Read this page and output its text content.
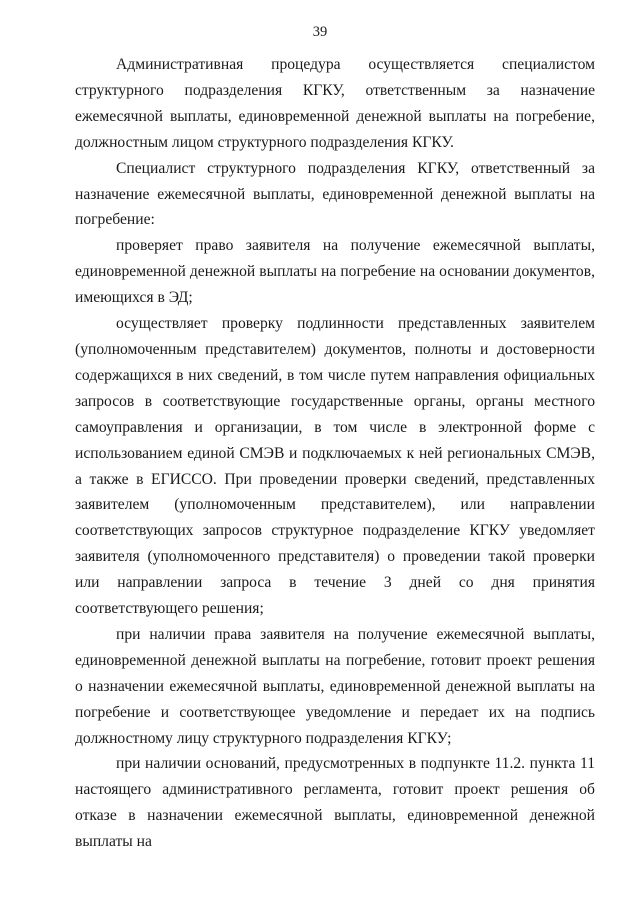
39

Административная процедура осуществляется специалистом структурного подразделения КГКУ, ответственным за назначение ежемесячной выплаты, единовременной денежной выплаты на погребение, должностным лицом структурного подразделения КГКУ.

Специалист структурного подразделения КГКУ, ответственный за назначение ежемесячной выплаты, единовременной денежной выплаты на погребение:

проверяет право заявителя на получение ежемесячной выплаты, единовременной денежной выплаты на погребение на основании документов, имеющихся в ЭД;

осуществляет проверку подлинности представленных заявителем (уполномоченным представителем) документов, полноты и достоверности содержащихся в них сведений, в том числе путем направления официальных запросов в соответствующие государственные органы, органы местного самоуправления и организации, в том числе в электронной форме с использованием единой СМЭВ и подключаемых к ней региональных СМЭВ, а также в ЕГИССО. При проведении проверки сведений, представленных заявителем (уполномоченным представителем), или направлении соответствующих запросов структурное подразделение КГКУ уведомляет заявителя (уполномоченного представителя) о проведении такой проверки или направлении запроса в течение 3 дней со дня принятия соответствующего решения;

при наличии права заявителя на получение ежемесячной выплаты, единовременной денежной выплаты на погребение, готовит проект решения о назначении ежемесячной выплаты, единовременной денежной выплаты на погребение и соответствующее уведомление и передает их на подпись должностному лицу структурного подразделения КГКУ;

при наличии оснований, предусмотренных в подпункте 11.2. пункта 11 настоящего административного регламента, готовит проект решения об отказе в назначении ежемесячной выплаты, единовременной денежной выплаты на
